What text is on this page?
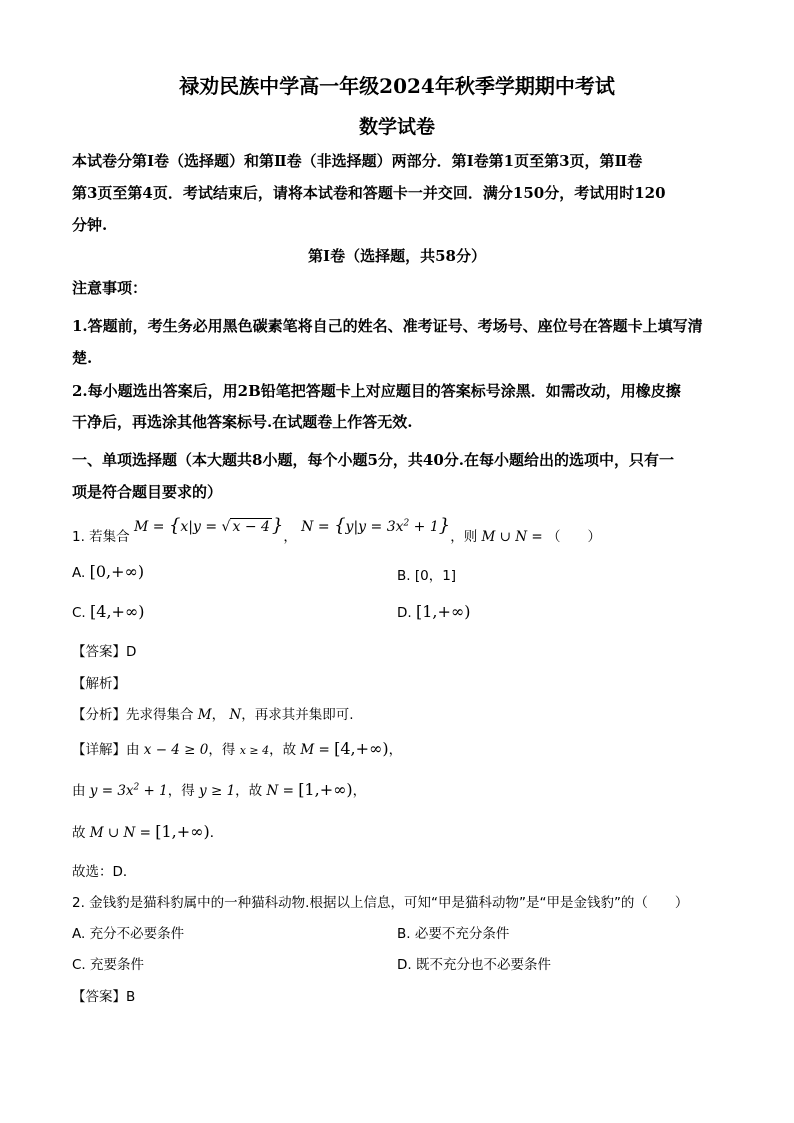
禄劝民族中学高一年级2024年秋季学期期中考试
数学试卷
本试卷分第Ⅰ卷（选择题）和第Ⅱ卷（非选择题）两部分．第Ⅰ卷第1页至第3页，第Ⅱ卷
第3页至第4页．考试结束后，请将本试卷和答题卡一并交回．满分150分，考试用时120
分钟.
第Ⅰ卷（选择题，共58分）
注意事项：
1.答题前，考生务必用黑色碳素笔将自己的姓名、准考证号、考场号、座位号在答题卡上填写清
楚.
2.每小题选出答案后，用2B铅笔把答题卡上对应题目的答案标号涂黑．如需改动，用橡皮擦
干净后，再选涂其他答案标号.在试题卷上作答无效.
一、单项选择题（本大题共8小题，每个小题5分，共40分.在每小题给出的选项中，只有一
项是符合题目要求的）
1. 若集合 M = {x|y = √ x − 4 }， $N = \{y|y = 3x^2 + 1\}$，则 M ∪ N = （　　）
A. [0,+∞)	B. [0，1]
C. [4,+∞)	D. [1,+∞)
【答案】D
【解析】
【分析】先求得集合 M， N，再求其并集即可.
【详解】由 x − 4 ≥ 0，得 x ≥ 4，故 M = [4,+∞)，
由 $y = 3x^2 + 1$，得 y ≥ 1，故 N = [1,+∞)，
故 M ∪ N = [1,+∞)．
故选：D．
2. 金钱豹是猫科豹属中的一种猫科动物.根据以上信息，可知“甲是猫科动物”是“甲是金钱豹”的（　　）
A. 充分不必要条件	B. 必要不充分条件
C. 充要条件	D. 既不充分也不必要条件
【答案】B
